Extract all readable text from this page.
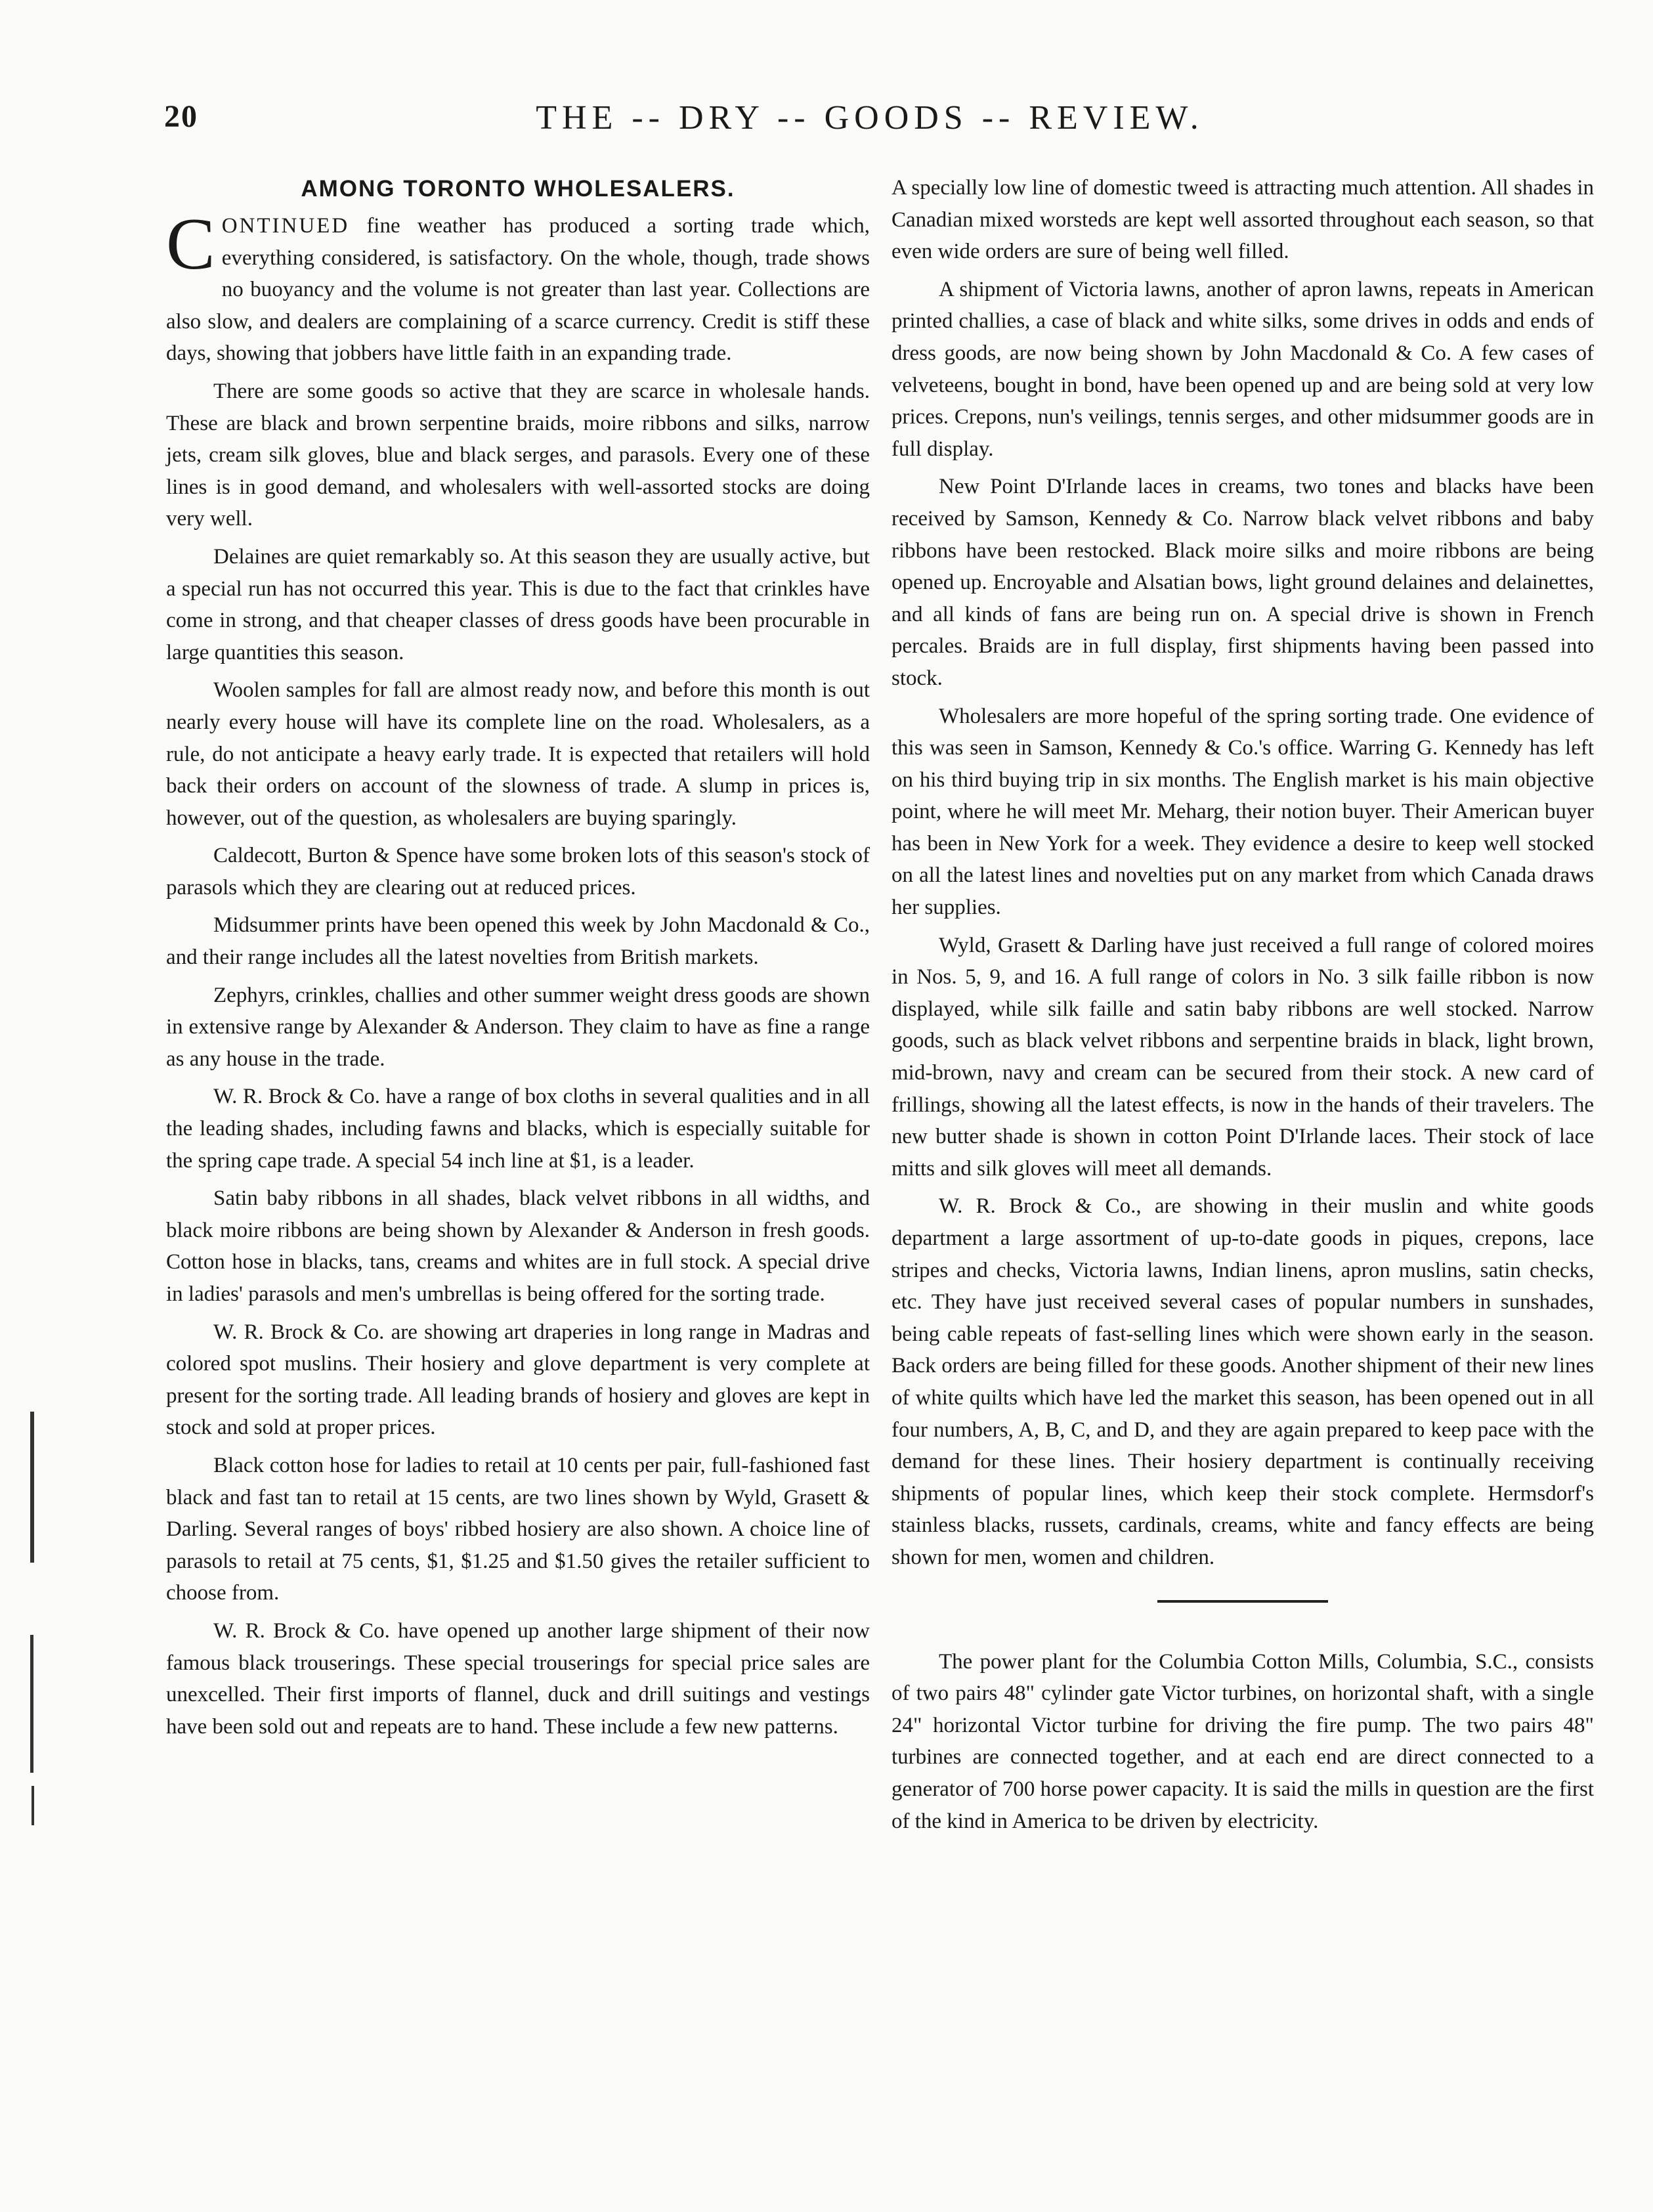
20	THE -- DRY -- GOODS -- REVIEW.
AMONG TORONTO WHOLESALERS.

CONTINUED fine weather has produced a sorting trade which, everything considered, is satisfactory. On the whole, though, trade shows no buoyancy and the volume is not greater than last year. Collections are also slow, and dealers are complaining of a scarce currency. Credit is stiff these days, showing that jobbers have little faith in an expanding trade.

There are some goods so active that they are scarce in wholesale hands. These are black and brown serpentine braids, moire ribbons and silks, narrow jets, cream silk gloves, blue and black serges, and parasols. Every one of these lines is in good demand, and wholesalers with well-assorted stocks are doing very well.

Delaines are quiet remarkably so. At this season they are usually active, but a special run has not occurred this year. This is due to the fact that crinkles have come in strong, and that cheaper classes of dress goods have been procurable in large quantities this season.

Woolen samples for fall are almost ready now, and before this month is out nearly every house will have its complete line on the road. Wholesalers, as a rule, do not anticipate a heavy early trade. It is expected that retailers will hold back their orders on account of the slowness of trade. A slump in prices is, however, out of the question, as wholesalers are buying sparingly.

Caldecott, Burton & Spence have some broken lots of this season's stock of parasols which they are clearing out at reduced prices.

Midsummer prints have been opened this week by John Macdonald & Co., and their range includes all the latest novelties from British markets.

Zephyrs, crinkles, challies and other summer weight dress goods are shown in extensive range by Alexander & Anderson. They claim to have as fine a range as any house in the trade.

W. R. Brock & Co. have a range of box cloths in several qualities and in all the leading shades, including fawns and blacks, which is especially suitable for the spring cape trade. A special 54 inch line at $1, is a leader.

Satin baby ribbons in all shades, black velvet ribbons in all widths, and black moire ribbons are being shown by Alexander & Anderson in fresh goods. Cotton hose in blacks, tans, creams and whites are in full stock. A special drive in ladies' parasols and men's umbrellas is being offered for the sorting trade.

W. R. Brock & Co. are showing art draperies in long range in Madras and colored spot muslins. Their hosiery and glove department is very complete at present for the sorting trade. All leading brands of hosiery and gloves are kept in stock and sold at proper prices.

Black cotton hose for ladies to retail at 10 cents per pair, full-fashioned fast black and fast tan to retail at 15 cents, are two lines shown by Wyld, Grasett & Darling. Several ranges of boys' ribbed hosiery are also shown. A choice line of parasols to retail at 75 cents, $1, $1.25 and $1.50 gives the retailer sufficient to choose from.

W. R. Brock & Co. have opened up another large shipment of their now famous black trouserings. These special trouserings for special price sales are unexcelled. Their first imports of flannel, duck and drill suitings and vestings have been sold out and repeats are to hand. These include a few new patterns.

A specially low line of domestic tweed is attracting much attention. All shades in Canadian mixed worsteds are kept well assorted throughout each season, so that even wide orders are sure of being well filled.

A shipment of Victoria lawns, another of apron lawns, repeats in American printed challies, a case of black and white silks, some drives in odds and ends of dress goods, are now being shown by John Macdonald & Co. A few cases of velveteens, bought in bond, have been opened up and are being sold at very low prices. Crepons, nun's veilings, tennis serges, and other midsummer goods are in full display.

New Point D'Irlande laces in creams, two tones and blacks have been received by Samson, Kennedy & Co. Narrow black velvet ribbons and baby ribbons have been restocked. Black moire silks and moire ribbons are being opened up. Encroyable and Alsatian bows, light ground delaines and delainettes, and all kinds of fans are being run on. A special drive is shown in French percales. Braids are in full display, first shipments having been passed into stock.

Wholesalers are more hopeful of the spring sorting trade. One evidence of this was seen in Samson, Kennedy & Co.'s office. Warring G. Kennedy has left on his third buying trip in six months. The English market is his main objective point, where he will meet Mr. Meharg, their notion buyer. Their American buyer has been in New York for a week. They evidence a desire to keep well stocked on all the latest lines and novelties put on any market from which Canada draws her supplies.

Wyld, Grasett & Darling have just received a full range of colored moires in Nos. 5, 9, and 16. A full range of colors in No. 3 silk faille ribbon is now displayed, while silk faille and satin baby ribbons are well stocked. Narrow goods, such as black velvet ribbons and serpentine braids in black, light brown, mid-brown, navy and cream can be secured from their stock. A new card of frillings, showing all the latest effects, is now in the hands of their travelers. The new butter shade is shown in cotton Point D'Irlande laces. Their stock of lace mitts and silk gloves will meet all demands.

W. R. Brock & Co., are showing in their muslin and white goods department a large assortment of up-to-date goods in piques, crepons, lace stripes and checks, Victoria lawns, Indian linens, apron muslins, satin checks, etc. They have just received several cases of popular numbers in sunshades, being cable repeats of fast-selling lines which were shown early in the season. Back orders are being filled for these goods. Another shipment of their new lines of white quilts which have led the market this season, has been opened out in all four numbers, A, B, C, and D, and they are again prepared to keep pace with the demand for these lines. Their hosiery department is continually receiving shipments of popular lines, which keep their stock complete. Hermsdorf's stainless blacks, russets, cardinals, creams, white and fancy effects are being shown for men, women and children.

The power plant for the Columbia Cotton Mills, Columbia, S.C., consists of two pairs 48" cylinder gate Victor turbines, on horizontal shaft, with a single 24" horizontal Victor turbine for driving the fire pump. The two pairs 48" turbines are connected together, and at each end are direct connected to a generator of 700 horse power capacity. It is said the mills in question are the first of the kind in America to be driven by electricity.
